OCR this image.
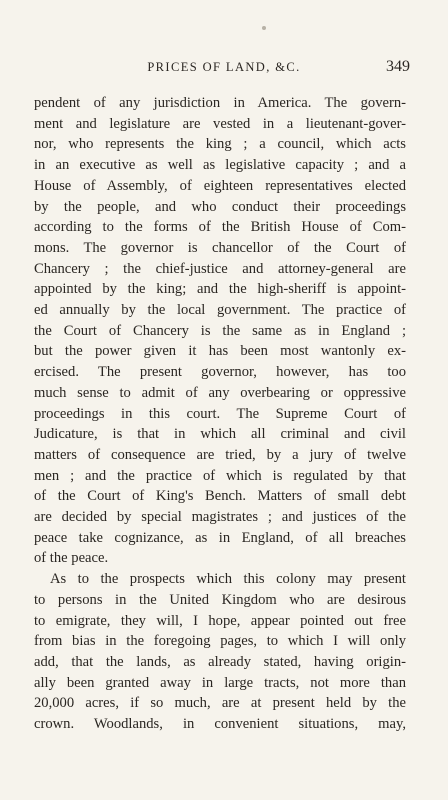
PRICES OF LAND, &C.	349
pendent of any jurisdiction in America. The govern-
ment and legislature are vested in a lieutenant-gover-
nor, who represents the king ; a council, which acts
in an executive as well as legislative capacity ; and a
House of Assembly, of eighteen representatives elected
by the people, and who conduct their proceedings
according to the forms of the British House of Com-
mons. The governor is chancellor of the Court of
Chancery ; the chief-justice and attorney-general are
appointed by the king; and the high-sheriff is appoint-
ed annually by the local government. The practice of
the Court of Chancery is the same as in England ;
but the power given it has been most wantonly ex-
ercised. The present governor, however, has too
much sense to admit of any overbearing or oppressive
proceedings in this court. The Supreme Court of
Judicature, is that in which all criminal and civil
matters of consequence are tried, by a jury of twelve
men ; and the practice of which is regulated by that
of the Court of King's Bench. Matters of small debt
are decided by special magistrates ; and justices of the
peace take cognizance, as in England, of all breaches
of the peace.
As to the prospects which this colony may present
to persons in the United Kingdom who are desirous
to emigrate, they will, I hope, appear pointed out free
from bias in the foregoing pages, to which I will only
add, that the lands, as already stated, having origin-
ally been granted away in large tracts, not more than
20,000 acres, if so much, are at present held by the
crown. Woodlands, in convenient situations, may,
